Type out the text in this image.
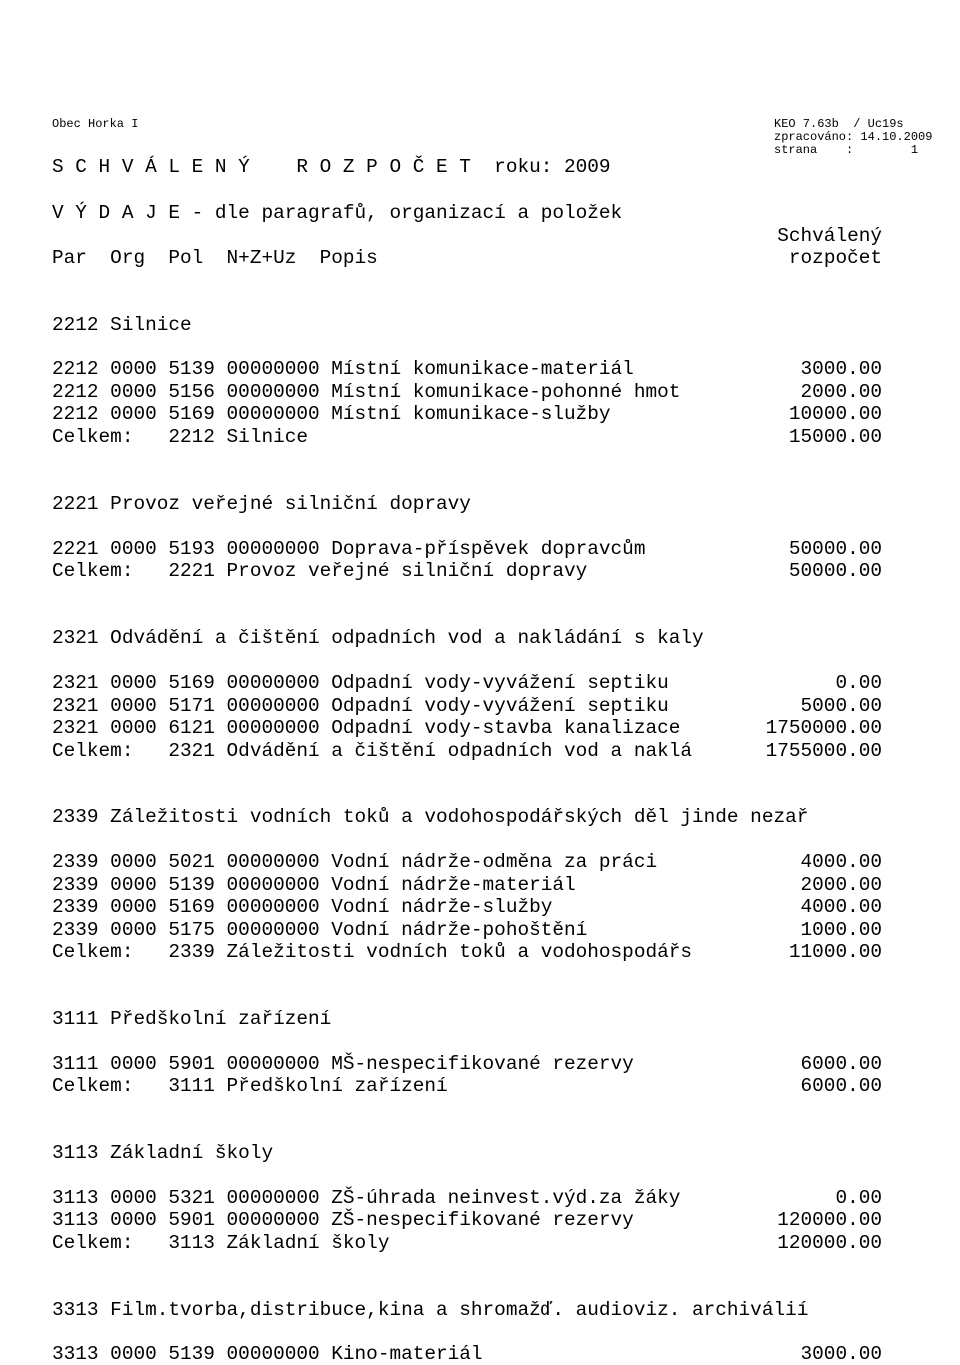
Obec Horka I	KEO 7.63b  / Uc19s
zpracováno: 14.10.2009
strana    :        1
S C H V Á L E N Ý    R O Z P O Č E T  roku: 2009
V Ý D A J E - dle paragrafů, organizací a položek
Par  Org  Pol  N+Z+Uz  Popis
Schválený
rozpočet
2212 Silnice
2212 0000 5139 00000000 Místní komunikace-materiál	3000.00
2212 0000 5156 00000000 Místní komunikace-pohonné hmot	2000.00
2212 0000 5169 00000000 Místní komunikace-služby	10000.00
Celkem:   2212 Silnice	15000.00
2221 Provoz veřejné silniční dopravy
2221 0000 5193 00000000 Doprava-příspěvek dopravcům	50000.00
Celkem:   2221 Provoz veřejné silniční dopravy	50000.00
2321 Odvádění a čištění odpadních vod a nakládání s kaly
2321 0000 5169 00000000 Odpadní vody-vyvážení septiku	0.00
2321 0000 5171 00000000 Odpadní vody-vyvážení septiku	5000.00
2321 0000 6121 00000000 Odpadní vody-stavba kanalizace	1750000.00
Celkem:   2321 Odvádění a čištění odpadních vod a naklá	1755000.00
2339 Záležitosti vodních toků a vodohospodářských děl jinde nezař
2339 0000 5021 00000000 Vodní nádrže-odměna za práci	4000.00
2339 0000 5139 00000000 Vodní nádrže-materiál	2000.00
2339 0000 5169 00000000 Vodní nádrže-služby	4000.00
2339 0000 5175 00000000 Vodní nádrže-pohoštění	1000.00
Celkem:   2339 Záležitosti vodních toků a vodohospodářs	11000.00
3111 Předškolní zařízení
3111 0000 5901 00000000 MŠ-nespecifikované rezervy	6000.00
Celkem:   3111 Předškolní zařízení	6000.00
3113 Základní školy
3113 0000 5321 00000000 ZŠ-úhrada neinvest.výd.za žáky	0.00
3113 0000 5901 00000000 ZŠ-nespecifikované rezervy	120000.00
Celkem:   3113 Základní školy	120000.00
3313 Film.tvorba,distribuce,kina a shromažď. audioviz. archiválií
3313 0000 5139 00000000 Kino-materiál	3000.00
